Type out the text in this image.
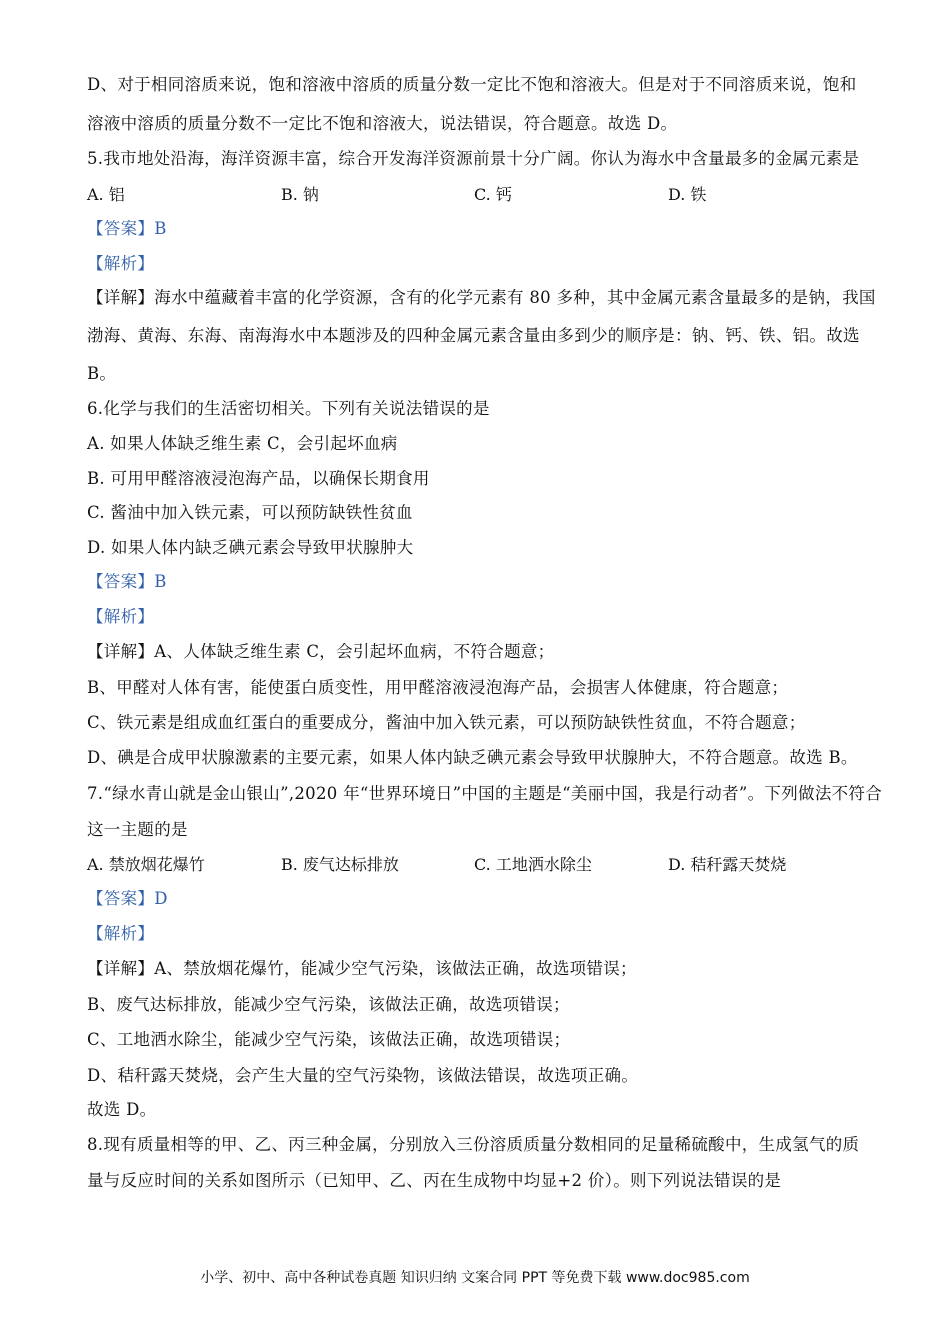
D、对于相同溶质来说，饱和溶液中溶质的质量分数一定比不饱和溶液大。但是对于不同溶质来说，饱和
溶液中溶质的质量分数不一定比不饱和溶液大，说法错误，符合题意。故选 D。
5.我市地处沿海，海洋资源丰富，综合开发海洋资源前景十分广阔。你认为海水中含量最多的金属元素是
A. 铝	B. 钠	C. 钙	D. 铁
【答案】B
【解析】
【详解】海水中蕴藏着丰富的化学资源，含有的化学元素有 80 多种，其中金属元素含量最多的是钠，我国
渤海、黄海、东海、南海海水中本题涉及的四种金属元素含量由多到少的顺序是：钠、钙、铁、铝。故选
B。
6.化学与我们的生活密切相关。下列有关说法错误的是
A. 如果人体缺乏维生素 C，会引起坏血病
B. 可用甲醛溶液浸泡海产品，以确保长期食用
C. 酱油中加入铁元素，可以预防缺铁性贫血
D. 如果人体内缺乏碘元素会导致甲状腺肿大
【答案】B
【解析】
【详解】A、人体缺乏维生素 C，会引起坏血病，不符合题意；
B、甲醛对人体有害，能使蛋白质变性，用甲醛溶液浸泡海产品，会损害人体健康，符合题意；
C、铁元素是组成血红蛋白的重要成分，酱油中加入铁元素，可以预防缺铁性贫血，不符合题意；
D、碘是合成甲状腺激素的主要元素，如果人体内缺乏碘元素会导致甲状腺肿大，不符合题意。故选 B。
7.“绿水青山就是金山银山”,2020 年“世界环境日”中国的主题是“美丽中国，我是行动者”。下列做法不符合
这一主题的是
A. 禁放烟花爆竹	B. 废气达标排放	C. 工地洒水除尘	D. 秸秆露天焚烧
【答案】D
【解析】
【详解】A、禁放烟花爆竹，能减少空气污染，该做法正确，故选项错误；
B、废气达标排放，能减少空气污染，该做法正确，故选项错误；
C、工地洒水除尘，能减少空气污染，该做法正确，故选项错误；
D、秸秆露天焚烧，会产生大量的空气污染物，该做法错误，故选项正确。
故选 D。
8.现有质量相等的甲、乙、丙三种金属，分别放入三份溶质质量分数相同的足量稀硫酸中，生成氢气的质
量与反应时间的关系如图所示（已知甲、乙、丙在生成物中均显+2 价）。则下列说法错误的是
小学、初中、高中各种试卷真题 知识归纳 文案合同 PPT 等免费下载 www.doc985.com
